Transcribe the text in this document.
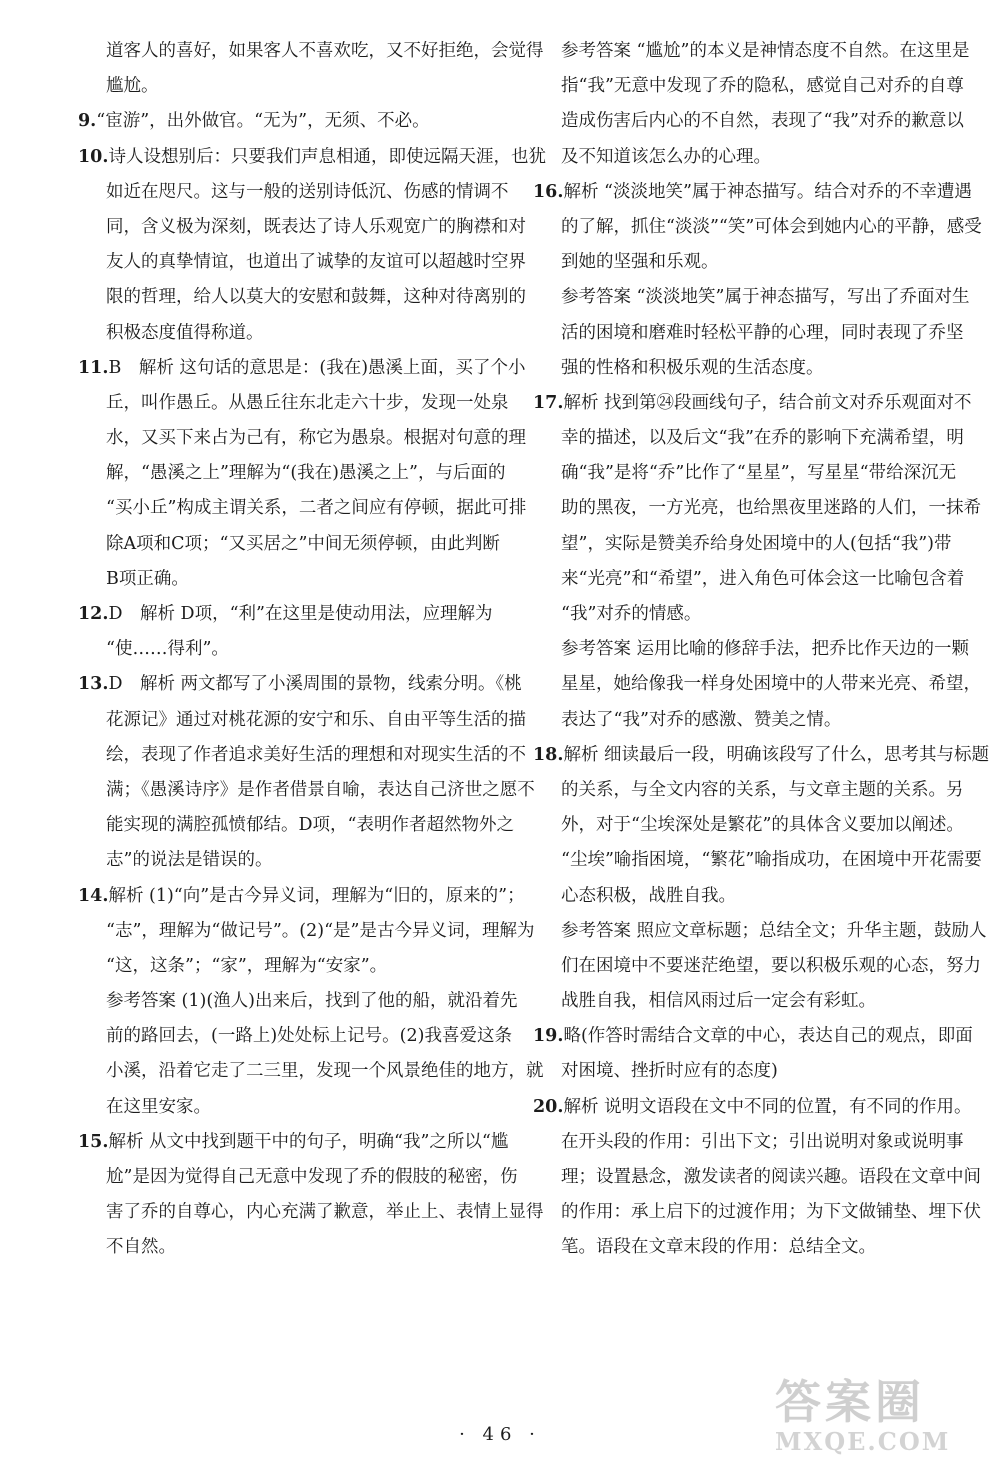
道客人的喜好，如果客人不喜欢吃，又不好拒绝，会觉得
尴尬。
9.“宦游”，出外做官。“无为”，无须、不必。
10.诗人设想别后：只要我们声息相通，即使远隔天涯，也犹
如近在咫尺。这与一般的送别诗低沉、伤感的情调不
同，含义极为深刻，既表达了诗人乐观宽广的胸襟和对
友人的真挚情谊，也道出了诚挚的友谊可以超越时空界
限的哲理，给人以莫大的安慰和鼓舞，这种对待离别的
积极态度值得称道。
11.B　解析 这句话的意思是：(我在)愚溪上面，买了个小
丘，叫作愚丘。从愚丘往东北走六十步，发现一处泉
水，又买下来占为己有，称它为愚泉。根据对句意的理
解，“愚溪之上”理解为“(我在)愚溪之上”，与后面的
“买小丘”构成主谓关系，二者之间应有停顿，据此可排
除A项和C项；“又买居之”中间无须停顿，由此判断
B项正确。
12.D　解析 D项，“利”在这里是使动用法，应理解为
“使……得利”。
13.D　解析 两文都写了小溪周围的景物，线索分明。《桃
花源记》通过对桃花源的安宁和乐、自由平等生活的描
绘，表现了作者追求美好生活的理想和对现实生活的不
满；《愚溪诗序》是作者借景自喻，表达自己济世之愿不
能实现的满腔孤愤郁结。D项，“表明作者超然物外之
志”的说法是错误的。
14.解析 (1)“向”是古今异义词，理解为“旧的，原来的”；
“志”，理解为“做记号”。(2)“是”是古今异义词，理解为
“这，这条”；“家”，理解为“安家”。
参考答案 (1)(渔人)出来后，找到了他的船，就沿着先
前的路回去，(一路上)处处标上记号。(2)我喜爱这条
小溪，沿着它走了二三里，发现一个风景绝佳的地方，就
在这里安家。
15.解析 从文中找到题干中的句子，明确“我”之所以“尴
尬”是因为觉得自己无意中发现了乔的假肢的秘密，伤
害了乔的自尊心，内心充满了歉意，举止上、表情上显得
不自然。
参考答案 “尴尬”的本义是神情态度不自然。在这里是
指“我”无意中发现了乔的隐私，感觉自己对乔的自尊
造成伤害后内心的不自然，表现了“我”对乔的歉意以
及不知道该怎么办的心理。
16.解析 “淡淡地笑”属于神态描写。结合对乔的不幸遭遇
的了解，抓住“淡淡”“笑”可体会到她内心的平静，感受
到她的坚强和乐观。
参考答案 “淡淡地笑”属于神态描写，写出了乔面对生
活的困境和磨难时轻松平静的心理，同时表现了乔坚
强的性格和积极乐观的生活态度。
17.解析 找到第㉔段画线句子，结合前文对乔乐观面对不
幸的描述，以及后文“我”在乔的影响下充满希望，明
确“我”是将“乔”比作了“星星”，写星星“带给深沉无
助的黑夜，一方光亮，也给黑夜里迷路的人们，一抹希
望”，实际是赞美乔给身处困境中的人(包括“我”)带
来“光亮”和“希望”，进入角色可体会这一比喻包含着
“我”对乔的情感。
参考答案 运用比喻的修辞手法，把乔比作天边的一颗
星星，她给像我一样身处困境中的人带来光亮、希望，
表达了“我”对乔的感激、赞美之情。
18.解析 细读最后一段，明确该段写了什么，思考其与标题
的关系，与全文内容的关系，与文章主题的关系。另
外，对于“尘埃深处是繁花”的具体含义要加以阐述。
“尘埃”喻指困境，“繁花”喻指成功，在困境中开花需要
心态积极，战胜自我。
参考答案 照应文章标题；总结全文；升华主题，鼓励人
们在困境中不要迷茫绝望，要以积极乐观的心态，努力
战胜自我，相信风雨过后一定会有彩虹。
19.略(作答时需结合文章的中心，表达自己的观点，即面
对困境、挫折时应有的态度)
20.解析 说明文语段在文中不同的位置，有不同的作用。
在开头段的作用：引出下文；引出说明对象或说明事
理；设置悬念，激发读者的阅读兴趣。语段在文章中间
的作用：承上启下的过渡作用；为下文做铺垫、埋下伏
笔。语段在文章末段的作用：总结全文。
· 46 ·
答案圈
MXQE.COM
